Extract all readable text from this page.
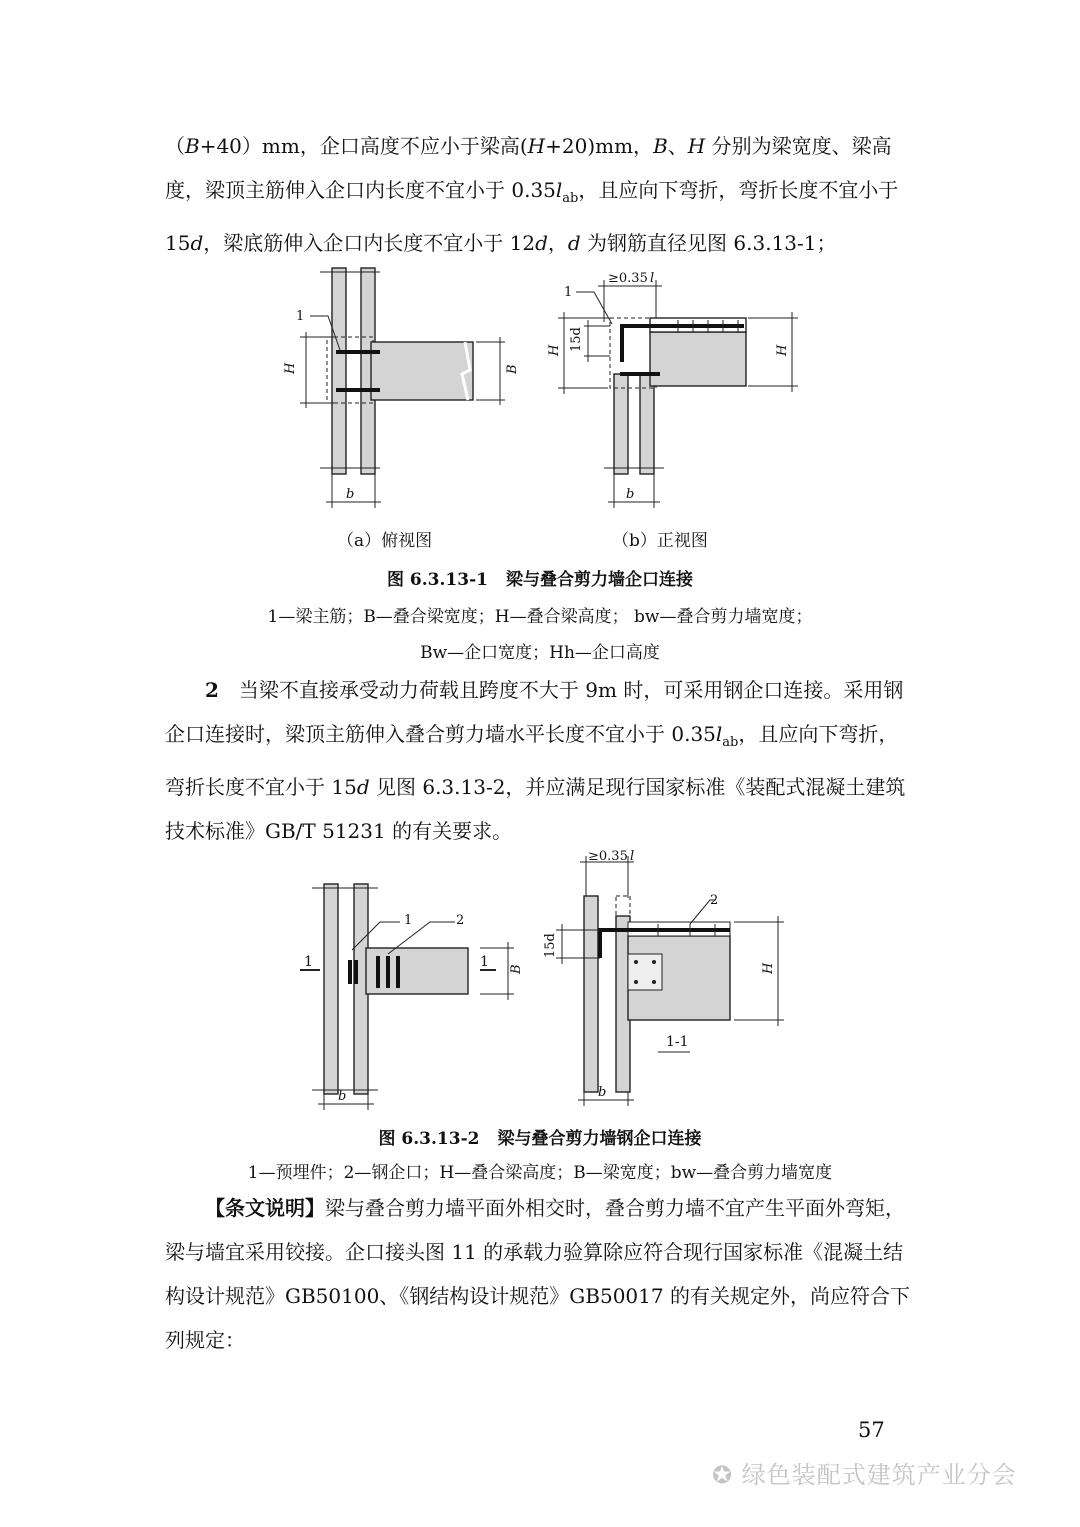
（B+40）mm，企口高度不应小于梁高(H+20)mm，B、H 分别为梁宽度、梁高度，梁顶主筋伸入企口内长度不宜小于 $0.35l_{ab}$，且应向下弯折，弯折长度不宜小于 15d，梁底筋伸入企口内长度不宜小于 12d，d 为钢筋直径见图 6.3.13-1；

1
H	B
b
≥0.35 l
1
H 15d	H
b
（a）俯视图	（b）正视图
图 6.3.13-1 梁与叠合剪力墙企口连接
1—梁主筋；B—叠合梁宽度；H—叠合梁高度； bw—叠合剪力墙宽度；
Bw—企口宽度；Hh—企口高度

2　当梁不直接承受动力荷载且跨度不大于 9m 时，可采用钢企口连接。采用钢企口连接时，梁顶主筋伸入叠合剪力墙水平长度不宜小于 $0.35l_{ab}$，且应向下弯折，弯折长度不宜小于 15d 见图 6.3.13-2，并应满足现行国家标准《装配式混凝土建筑技术标准》GB/T 51231 的有关要求。

1	2
1	1 B
b
≥0.35 l
2
15d
H
1-1
b
图 6.3.13-2 梁与叠合剪力墙钢企口连接
1—预埋件；2—钢企口；H—叠合梁高度；B—梁宽度；bw—叠合剪力墙宽度

【条文说明】梁与叠合剪力墙平面外相交时，叠合剪力墙不宜产生平面外弯矩，梁与墙宜采用铰接。企口接头图 11 的承载力验算除应符合现行国家标准《混凝土结构设计规范》GB50100、《钢结构设计规范》GB50017 的有关规定外，尚应符合下列规定：

57
✪ 绿色装配式建筑产业分会
